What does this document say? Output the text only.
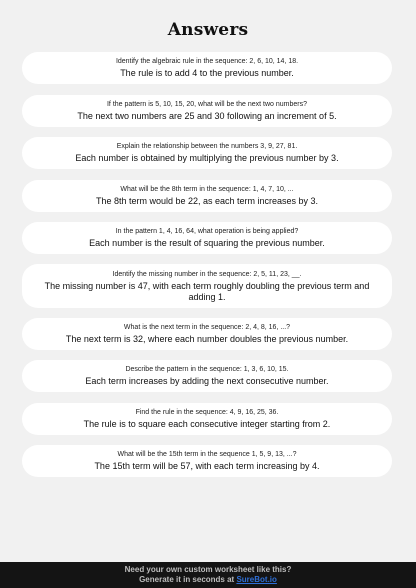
Answers
Identify the algebraic rule in the sequence: 2, 6, 10, 14, 18.
The rule is to add 4 to the previous number.
If the pattern is 5, 10, 15, 20, what will be the next two numbers?
The next two numbers are 25 and 30 following an increment of 5.
Explain the relationship between the numbers 3, 9, 27, 81.
Each number is obtained by multiplying the previous number by 3.
What will be the 8th term in the sequence: 1, 4, 7, 10, ...
The 8th term would be 22, as each term increases by 3.
In the pattern 1, 4, 16, 64, what operation is being applied?
Each number is the result of squaring the previous number.
Identify the missing number in the sequence: 2, 5, 11, 23, __.
The missing number is 47, with each term roughly doubling the previous term and adding 1.
What is the next term in the sequence: 2, 4, 8, 16, ...?
The next term is 32, where each number doubles the previous number.
Describe the pattern in the sequence: 1, 3, 6, 10, 15.
Each term increases by adding the next consecutive number.
Find the rule in the sequence: 4, 9, 16, 25, 36.
The rule is to square each consecutive integer starting from 2.
What will be the 15th term in the sequence 1, 5, 9, 13, ...?
The 15th term will be 57, with each term increasing by 4.
Need your own custom worksheet like this?
Generate it in seconds at SureBot.io
